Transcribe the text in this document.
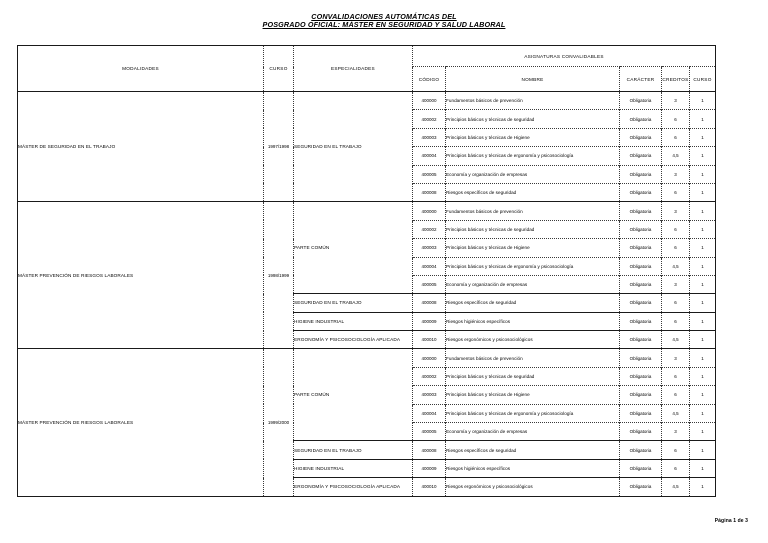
CONVALIDACIONES AUTOMÁTICAS DEL
POSGRADO OFICIAL: MÁSTER EN SEGURIDAD Y SALUD LABORAL
MODALIDADES	CURSO	ESPECIALIDADES	ASIGNATURAS CONVALIDABLES				
			CÓDIGO	NOMBRE	CARÁCTER	CREDITOS	CURSO
MÁSTER DE SEGURIDAD EN EL TRABAJO	1997/1998	SEGURIDAD EN EL TRABAJO	400000	Fundamentos básicos de prevención	Obligatoria	3	1
			400002	Principios básicos y técnicas de seguridad	Obligatoria	6	1
			400003	Principios básicos y técnicas de Higiene	Obligatoria	6	1
			400004	Principios básicos y técnicas de ergonomía y psicosociología	Obligatoria	4,5	1
			400005	Economía y organización de empresas	Obligatoria	3	1
			400008	Riesgos específicos de seguridad	Obligatoria	6	1
MÁSTER PREVENCIÓN DE RIESGOS LABORALES	1998/1999	PARTE COMÚN	400000	Fundamentos básicos de prevención	Obligatoria	3	1
			400002	Principios básicos y técnicas de seguridad	Obligatoria	6	1
			400003	Principios básicos y técnicas de Higiene	Obligatoria	6	1
			400004	Principios básicos y técnicas de ergonomía y psicosociología	Obligatoria	4,5	1
			400005	Economía y organización de empresas	Obligatoria	3	1
		SEGURIDAD EN EL TRABAJO	400008	Riesgos específicos de seguridad	Obligatoria	6	1
		HIGIENE INDUSTRIAL	400009	Riesgos higiénicos específicos	Obligatoria	6	1
		ERGONOMÍA Y PSICOSOCIOLOGÍA APLICADA	400010	Riesgos ergonómicos y psicosociológicos	Obligatoria	4,5	1
MÁSTER PREVENCIÓN DE RIESGOS LABORALES	1999/2000	PARTE COMÚN	400000	Fundamentos básicos de prevención	Obligatoria	3	1
			400002	Principios básicos y técnicas de seguridad	Obligatoria	6	1
			400003	Principios básicos y técnicas de Higiene	Obligatoria	6	1
			400004	Principios básicos y técnicas de ergonomía y psicosociología	Obligatoria	4,5	1
			400005	Economía y organización de empresas	Obligatoria	3	1
		SEGURIDAD EN EL TRABAJO	400008	Riesgos específicos de seguridad	Obligatoria	6	1
		HIGIENE INDUSTRIAL	400009	Riesgos higiénicos específicos	Obligatoria	6	1
		ERGONOMÍA Y PSICOSOCIOLOGÍA APLICADA	400010	Riesgos ergonómicos y psicosociológicos	Obligatoria	4,5	1
Página 1 de 3
